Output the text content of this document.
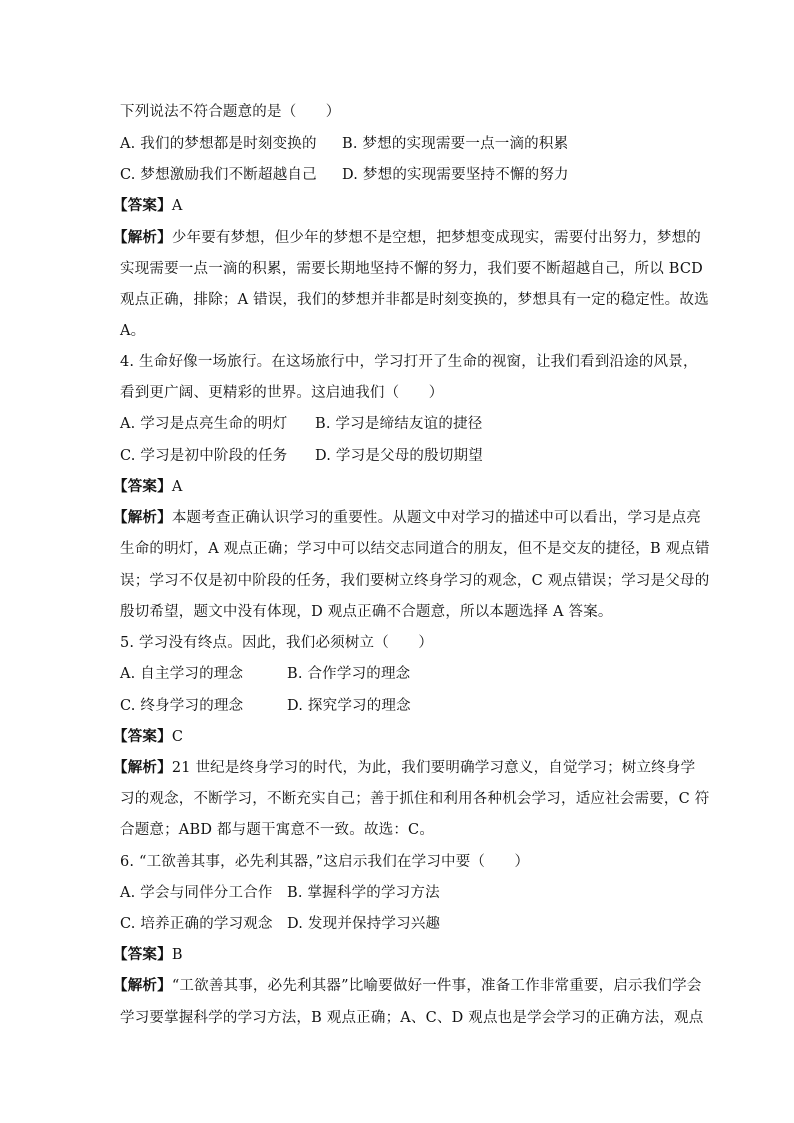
下列说法不符合题意的是（　　）
A. 我们的梦想都是时刻变换的 B. 梦想的实现需要一点一滴的积累
C. 梦想激励我们不断超越自己 D. 梦想的实现需要坚持不懈的努力
【答案】A
【解析】少年要有梦想，但少年的梦想不是空想，把梦想变成现实，需要付出努力，梦想的
实现需要一点一滴的积累，需要长期地坚持不懈的努力，我们要不断超越自己，所以 BCD
观点正确，排除；A 错误，我们的梦想并非都是时刻变换的，梦想具有一定的稳定性。故选
A。
4. 生命好像一场旅行。在这场旅行中，学习打开了生命的视窗，让我们看到沿途的风景，
看到更广阔、更精彩的世界。这启迪我们（　　）
A. 学习是点亮生命的明灯 B. 学习是缔结友谊的捷径
C. 学习是初中阶段的任务 D. 学习是父母的殷切期望
【答案】A
【解析】本题考查正确认识学习的重要性。从题文中对学习的描述中可以看出，学习是点亮
生命的明灯，A 观点正确；学习中可以结交志同道合的朋友，但不是交友的捷径，B 观点错
误；学习不仅是初中阶段的任务，我们要树立终身学习的观念，C 观点错误；学习是父母的
殷切希望，题文中没有体现，D 观点正确不合题意，所以本题选择 A 答案。
5. 学习没有终点。因此，我们必须树立（　　）
A. 自主学习的理念	B. 合作学习的理念
C. 终身学习的理念	D. 探究学习的理念
【答案】C
【解析】21 世纪是终身学习的时代，为此，我们要明确学习意义，自觉学习；树立终身学
习的观念，不断学习，不断充实自己；善于抓住和利用各种机会学习，适应社会需要，C 符
合题意；ABD 都与题干寓意不一致。故选：C。
6. “工欲善其事，必先利其器，”这启示我们在学习中要（　　）
A. 学会与同伴分工合作 B. 掌握科学的学习方法
C. 培养正确的学习观念 D. 发现并保持学习兴趣
【答案】B
【解析】“工欲善其事，必先利其器”比喻要做好一件事，准备工作非常重要，启示我们学会
学习要掌握科学的学习方法，B 观点正确；A、C、D 观点也是学会学习的正确方法，观点
